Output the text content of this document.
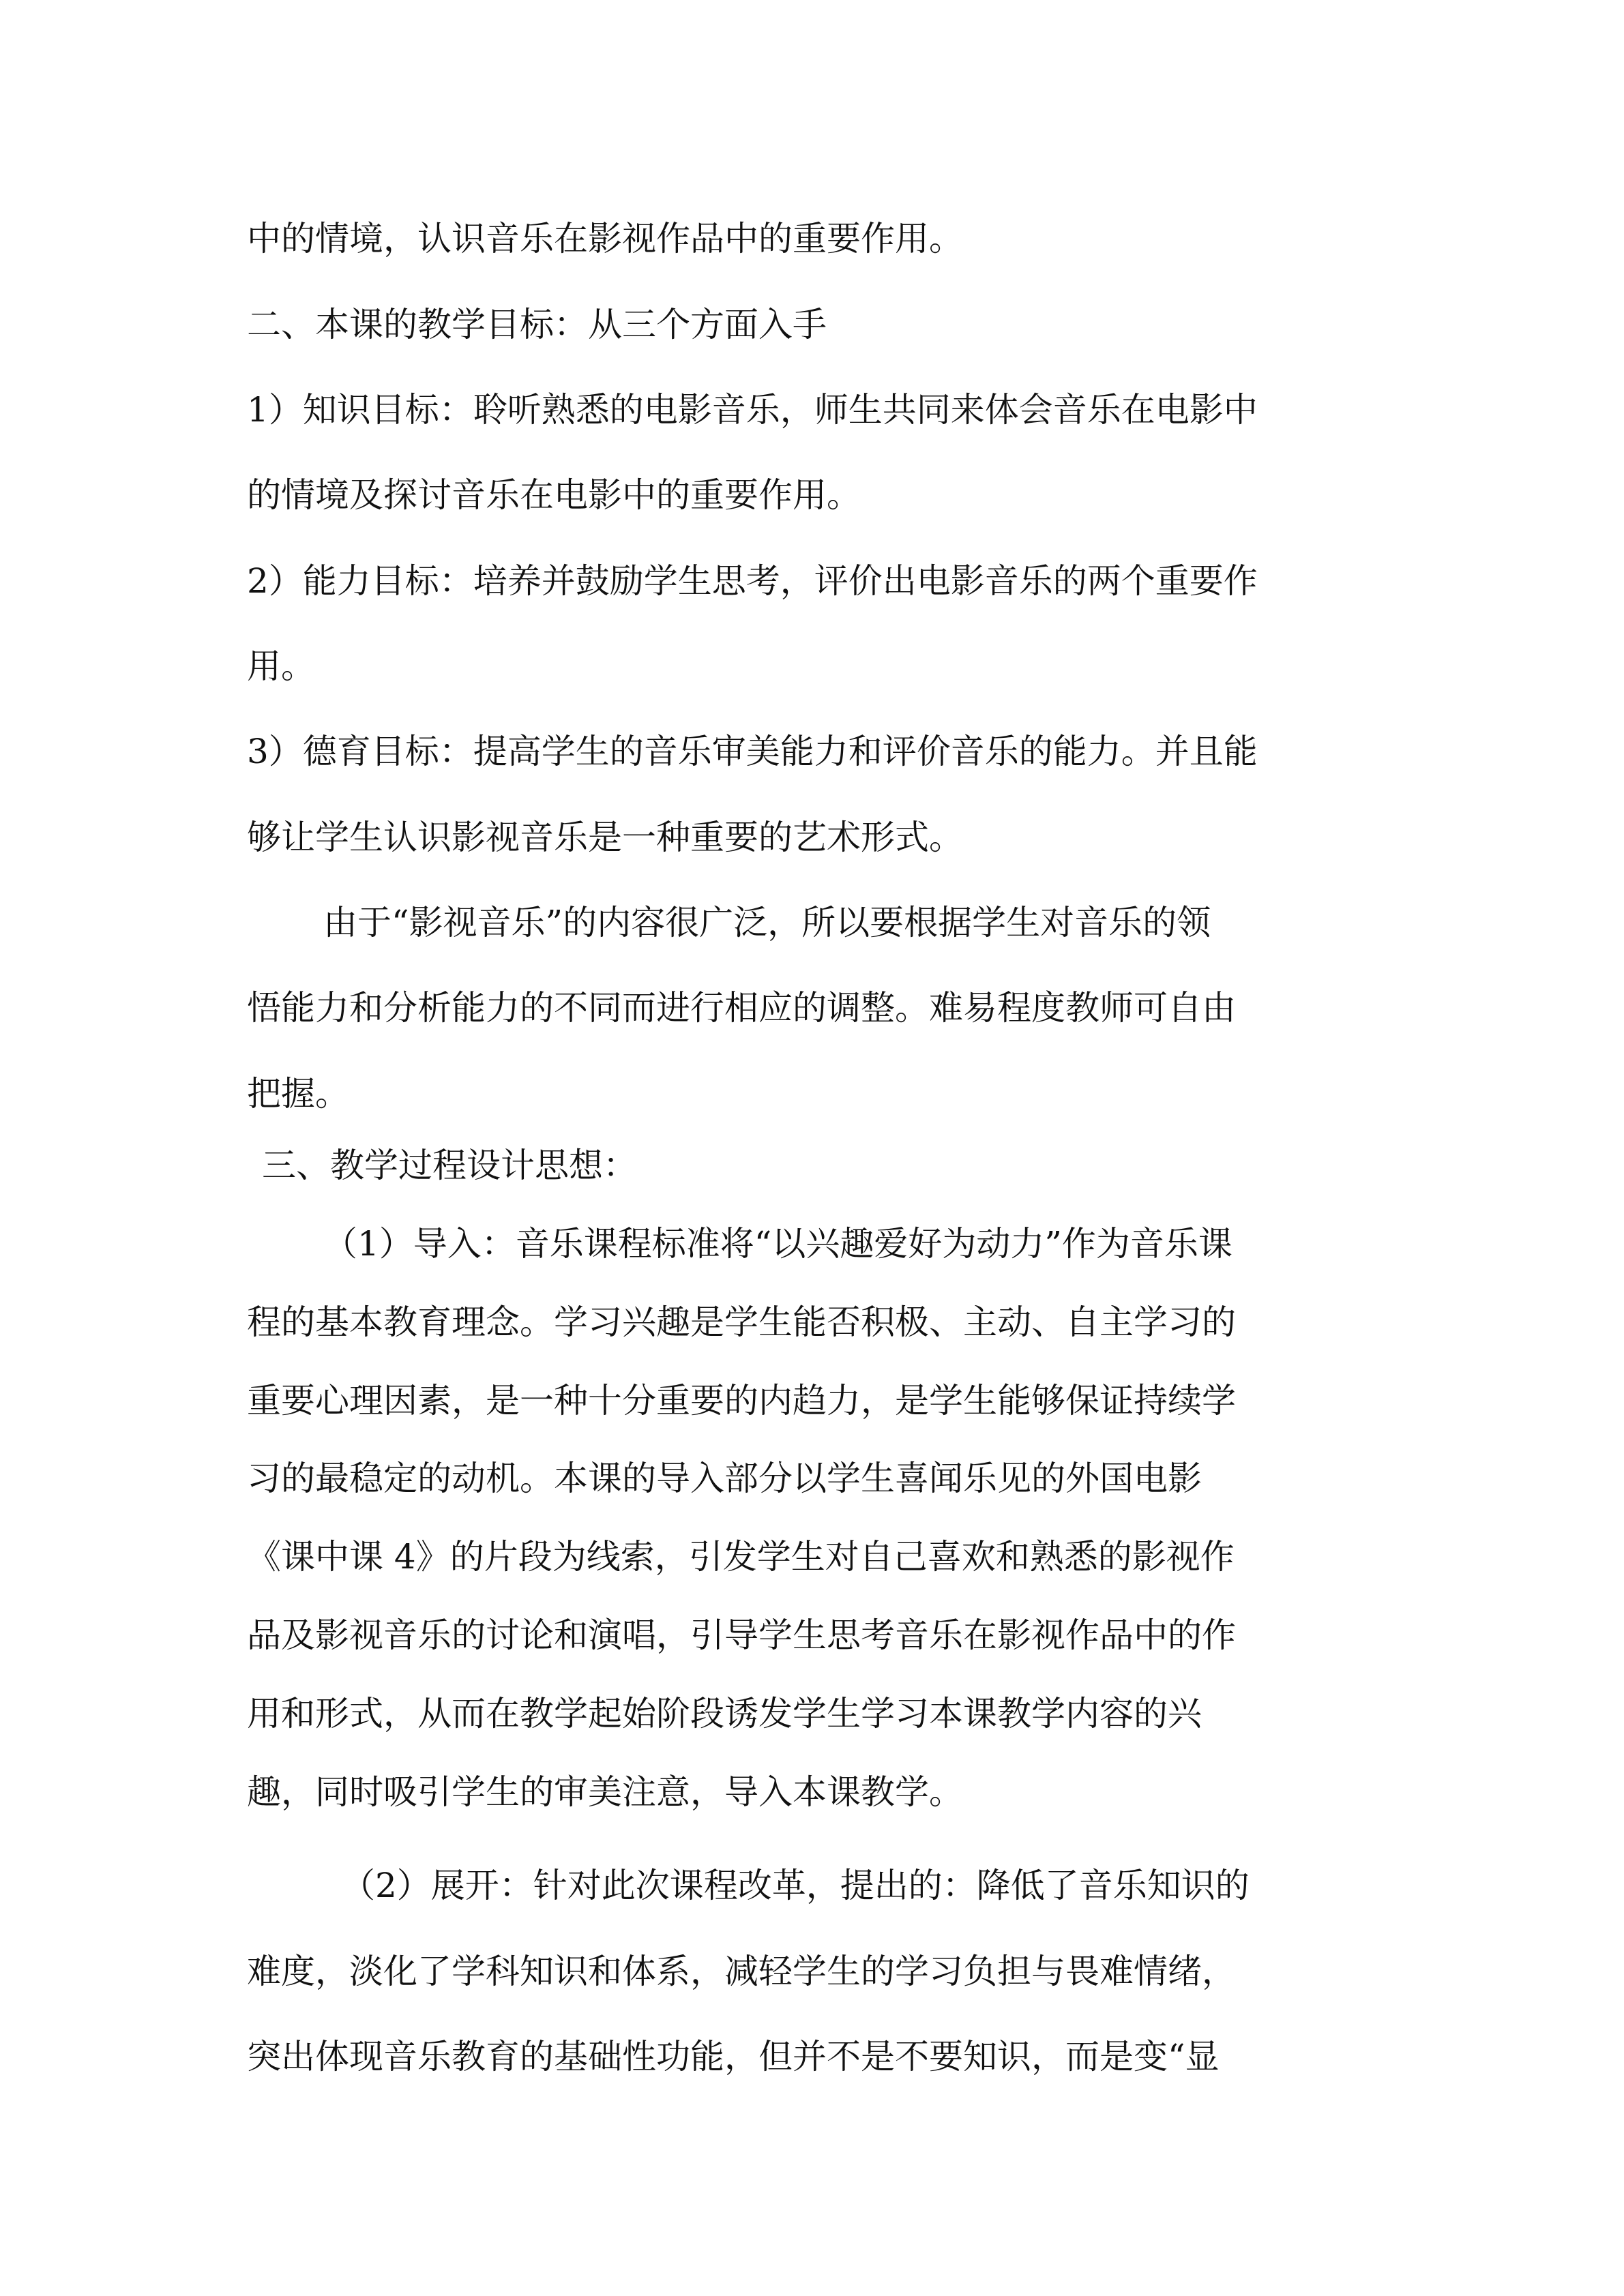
中的情境，认识音乐在影视作品中的重要作用。
二、本课的教学目标：从三个方面入手
1）知识目标：聆听熟悉的电影音乐，师生共同来体会音乐在电影中
的情境及探讨音乐在电影中的重要作用。
2）能力目标：培养并鼓励学生思考，评价出电影音乐的两个重要作
用。
3）德育目标：提高学生的音乐审美能力和评价音乐的能力。并且能
够让学生认识影视音乐是一种重要的艺术形式。
由于“影视音乐”的内容很广泛，所以要根据学生对音乐的领
悟能力和分析能力的不同而进行相应的调整。难易程度教师可自由
把握。
三、教学过程设计思想：
（1）导入：音乐课程标准将“以兴趣爱好为动力”作为音乐课
程的基本教育理念。学习兴趣是学生能否积极、主动、自主学习的
重要心理因素，是一种十分重要的内趋力，是学生能够保证持续学
习的最稳定的动机。本课的导入部分以学生喜闻乐见的外国电影
《课中课 4》的片段为线索，引发学生对自己喜欢和熟悉的影视作
品及影视音乐的讨论和演唱，引导学生思考音乐在影视作品中的作
用和形式，从而在教学起始阶段诱发学生学习本课教学内容的兴
趣，同时吸引学生的审美注意，导入本课教学。
（2）展开：针对此次课程改革，提出的：降低了音乐知识的
难度，淡化了学科知识和体系，减轻学生的学习负担与畏难情绪，
突出体现音乐教育的基础性功能，但并不是不要知识，而是变“显
